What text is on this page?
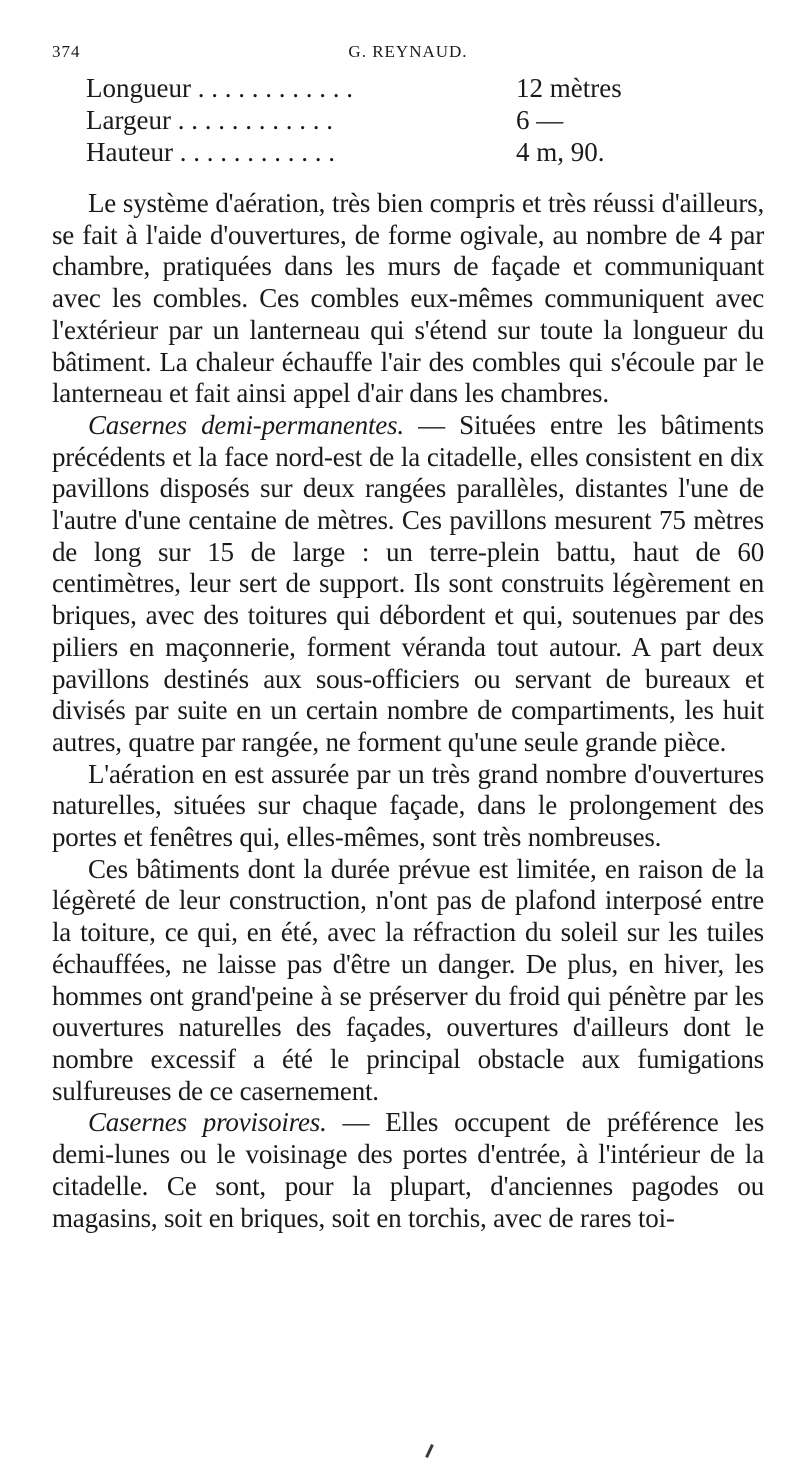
374	G. REYNAUD.
Longueur . . . . . . . . . . . .	12 mètres
Largeur . . . . . . . . . . . .	6 —
Hauteur . . . . . . . . . . . .	4 m, 90.

Le système d'aération, très bien compris et très réussi d'ailleurs, se fait à l'aide d'ouvertures, de forme ogivale, au nombre de 4 par chambre, pratiquées dans les murs de façade et communiquant avec les combles. Ces combles eux-mêmes communiquent avec l'extérieur par un lanterneau qui s'étend sur toute la longueur du bâtiment. La chaleur échauffe l'air des combles qui s'écoule par le lanterneau et fait ainsi appel d'air dans les chambres.

Casernes demi-permanentes. — Situées entre les bâtiments précédents et la face nord-est de la citadelle, elles consistent en dix pavillons disposés sur deux rangées parallèles, distantes l'une de l'autre d'une centaine de mètres. Ces pavillons mesurent 75 mètres de long sur 15 de large : un terre-plein battu, haut de 60 centimètres, leur sert de support. Ils sont construits légèrement en briques, avec des toitures qui débordent et qui, soutenues par des piliers en maçonnerie, forment véranda tout autour. A part deux pavillons destinés aux sous-officiers ou servant de bureaux et divisés par suite en un certain nombre de compartiments, les huit autres, quatre par rangée, ne forment qu'une seule grande pièce.

L'aération en est assurée par un très grand nombre d'ouvertures naturelles, situées sur chaque façade, dans le prolongement des portes et fenêtres qui, elles-mêmes, sont très nombreuses.

Ces bâtiments dont la durée prévue est limitée, en raison de la légèreté de leur construction, n'ont pas de plafond interposé entre la toiture, ce qui, en été, avec la réfraction du soleil sur les tuiles échauffées, ne laisse pas d'être un danger. De plus, en hiver, les hommes ont grand'peine à se préserver du froid qui pénètre par les ouvertures naturelles des façades, ouvertures d'ailleurs dont le nombre excessif a été le principal obstacle aux fumigations sulfureuses de ce casernement.

Casernes provisoires. — Elles occupent de préférence les demi-lunes ou le voisinage des portes d'entrée, à l'intérieur de la citadelle. Ce sont, pour la plupart, d'anciennes pagodes ou magasins, soit en briques, soit en torchis, avec de rares toi-
